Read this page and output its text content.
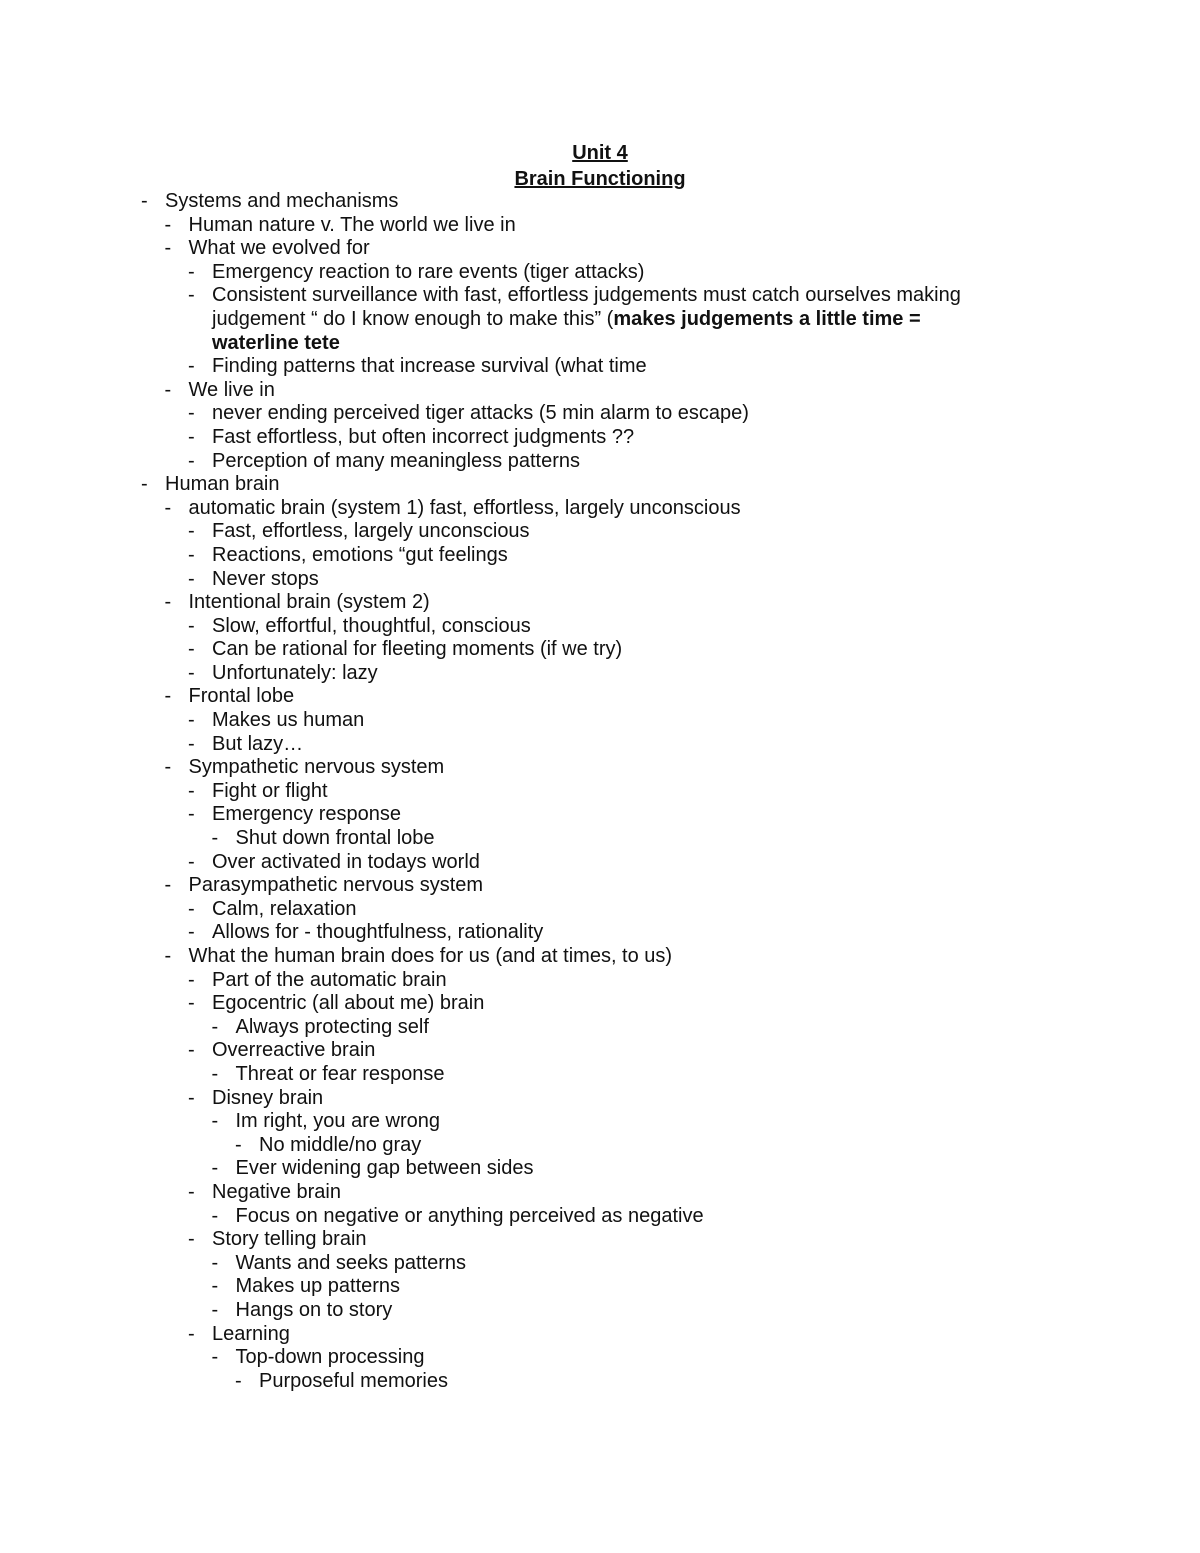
Unit 4
Brain Functioning
- Systems and mechanisms
- Human nature v. The world we live in
- What we evolved for
- Emergency reaction to rare events (tiger attacks)
- Consistent surveillance with fast, effortless judgements must catch ourselves making
judgement “ do I know enough to make this” (makes judgements a little time =
waterline tete
- Finding patterns that increase survival (what time
- We live in
- never ending perceived tiger attacks (5 min alarm to escape)
- Fast effortless, but often incorrect judgments ??
- Perception of many meaningless patterns
- Human brain
- automatic brain (system 1) fast, effortless, largely unconscious
- Fast, effortless, largely unconscious
- Reactions, emotions “gut feelings
- Never stops
- Intentional brain (system 2)
- Slow, effortful, thoughtful, conscious
- Can be rational for fleeting moments (if we try)
- Unfortunately: lazy
- Frontal lobe
- Makes us human
- But lazy…
- Sympathetic nervous system
- Fight or flight
- Emergency response
- Shut down frontal lobe
- Over activated in todays world
- Parasympathetic nervous system
- Calm, relaxation
- Allows for - thoughtfulness, rationality
- What the human brain does for us (and at times, to us)
- Part of the automatic brain
- Egocentric (all about me) brain
- Always protecting self
- Overreactive brain
- Threat or fear response
- Disney brain
- Im right, you are wrong
- No middle/no gray
- Ever widening gap between sides
- Negative brain
- Focus on negative or anything perceived as negative
- Story telling brain
- Wants and seeks patterns
- Makes up patterns
- Hangs on to story
- Learning
- Top-down processing
- Purposeful memories
